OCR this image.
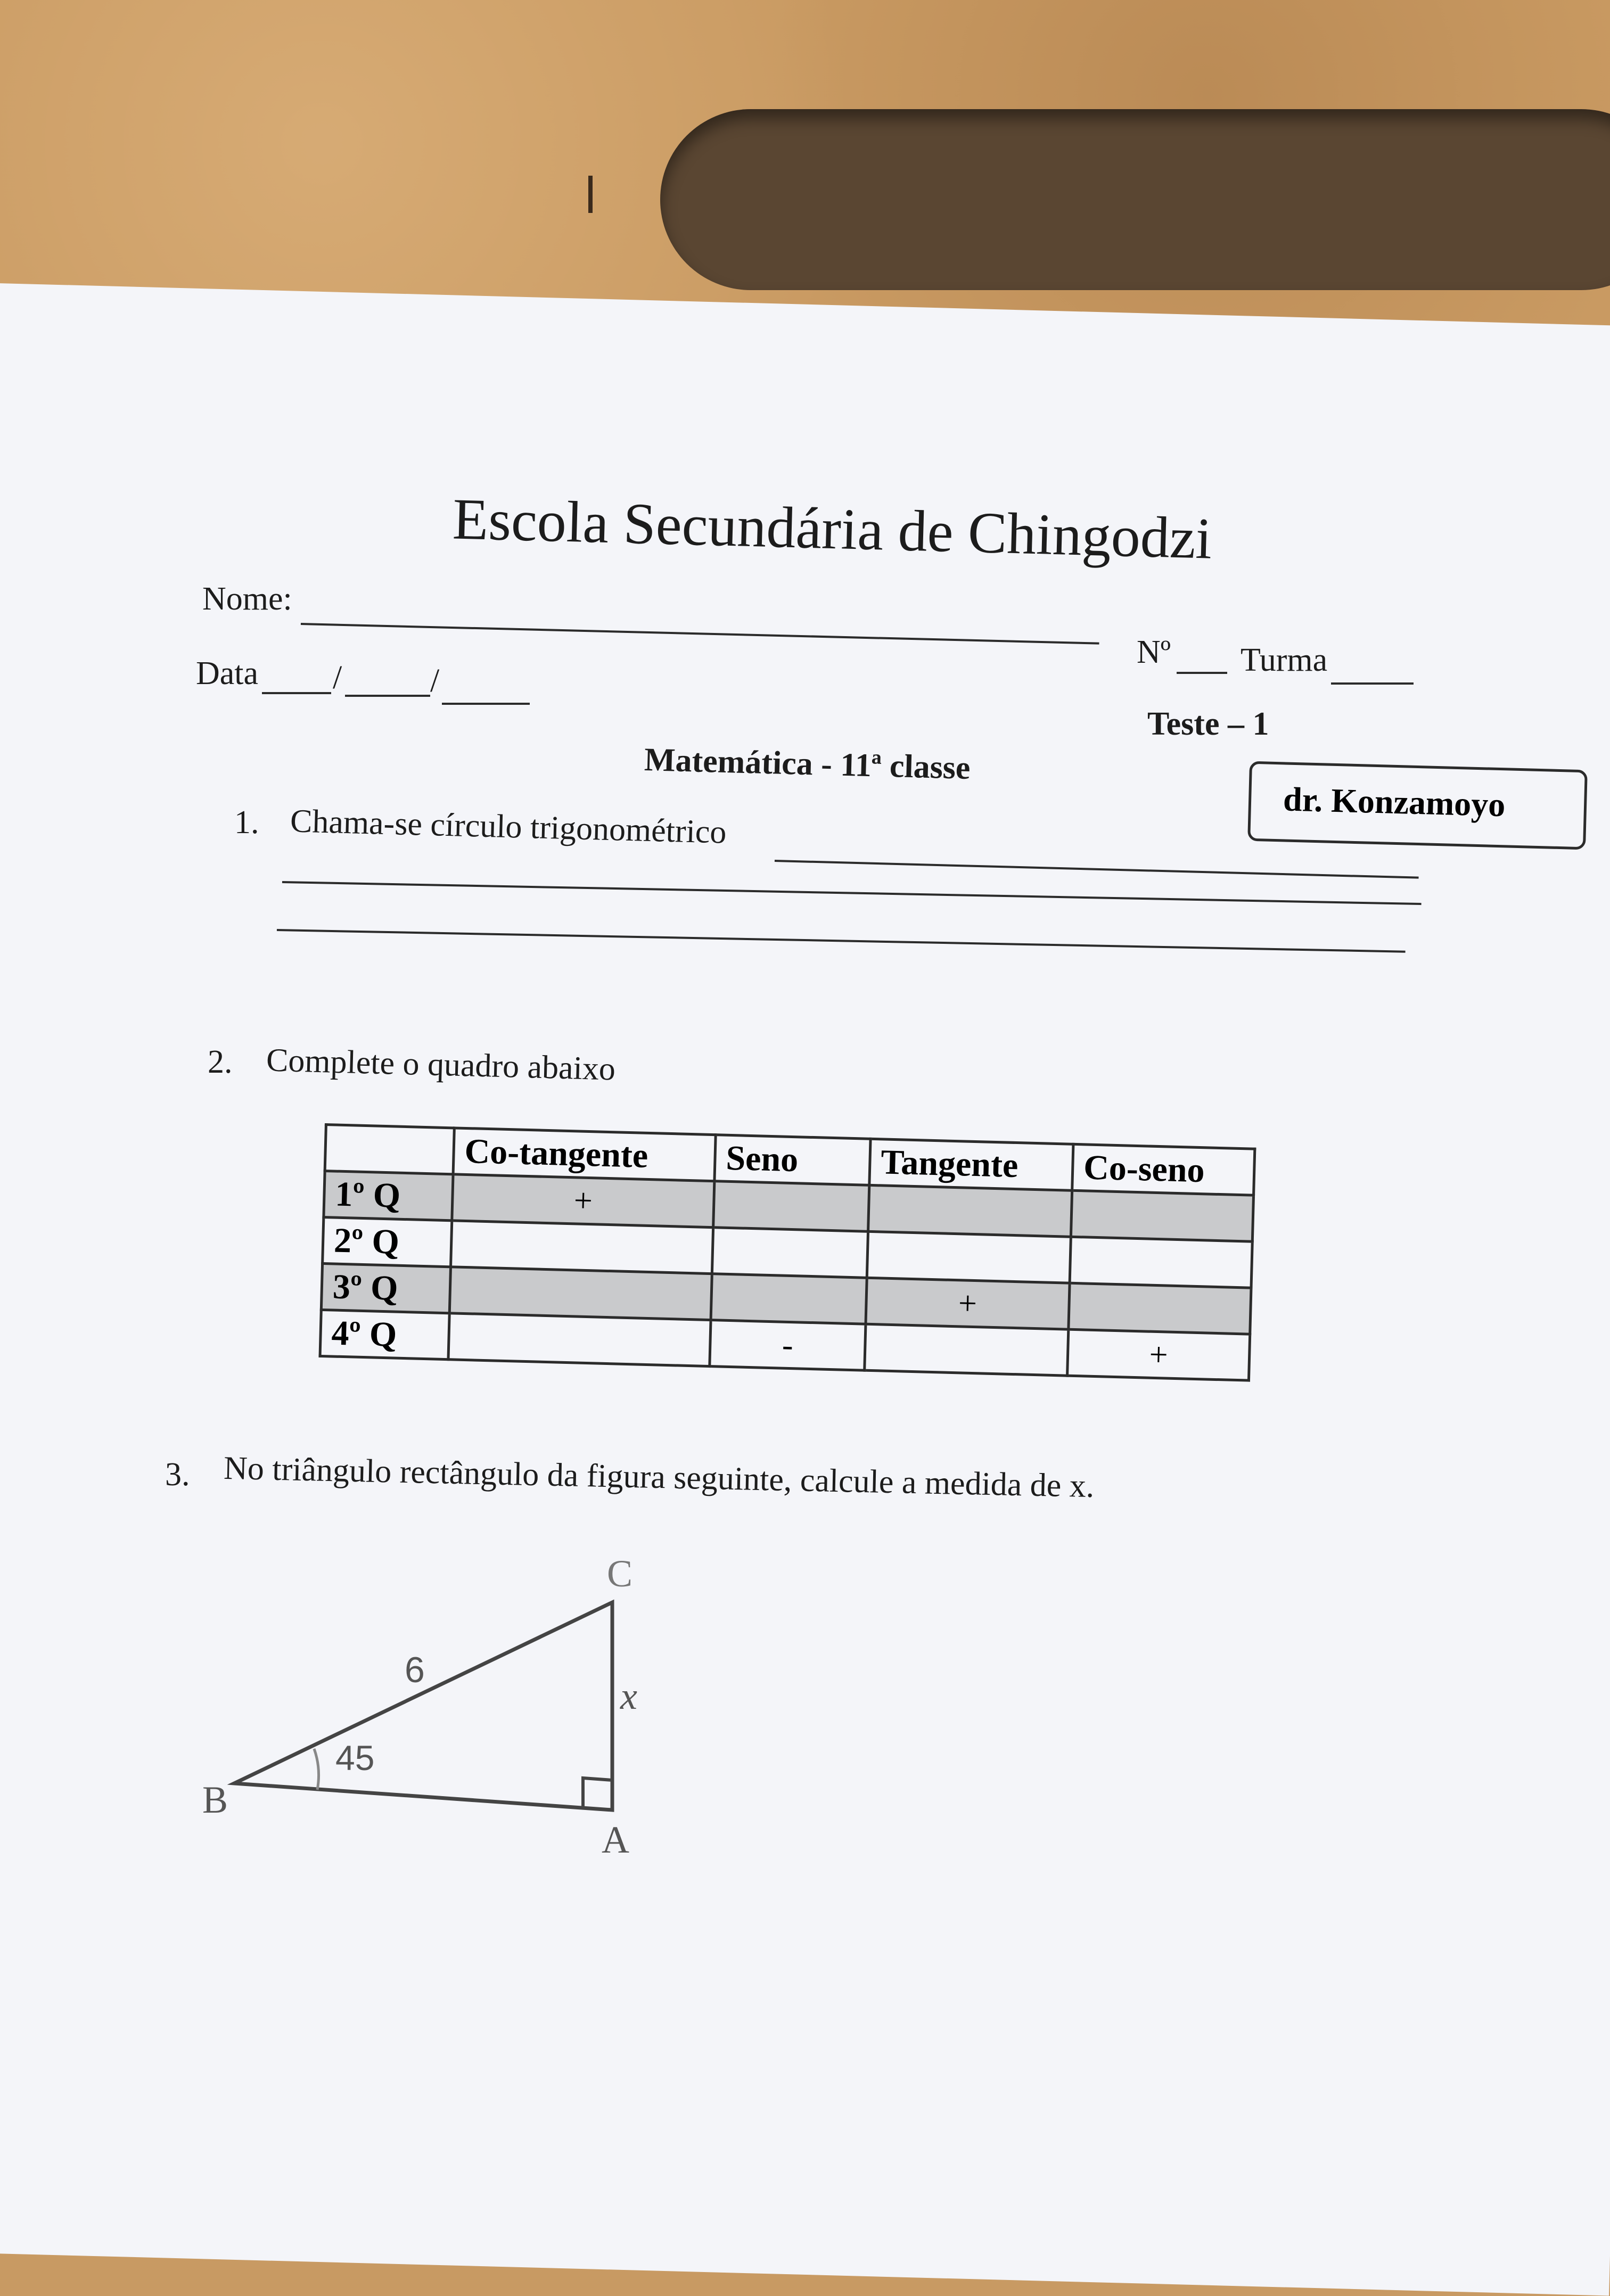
Escola Secundária de Chingodzi
Nome:
Nº Turma
Data /	/
Teste – 1
Matemática - 11ª classe
dr. Konzamoyo
1. Chama-se círculo trigonométrico
2. Complete o quadro abaixo
	Co-tangente	Seno	Tangente	Co-seno
1º Q	+			
2º Q				
3º Q			+	
4º Q		-		+
3. No triângulo rectângulo da figura seguinte, calcule a medida de x.
B
A
C
6
x
45
